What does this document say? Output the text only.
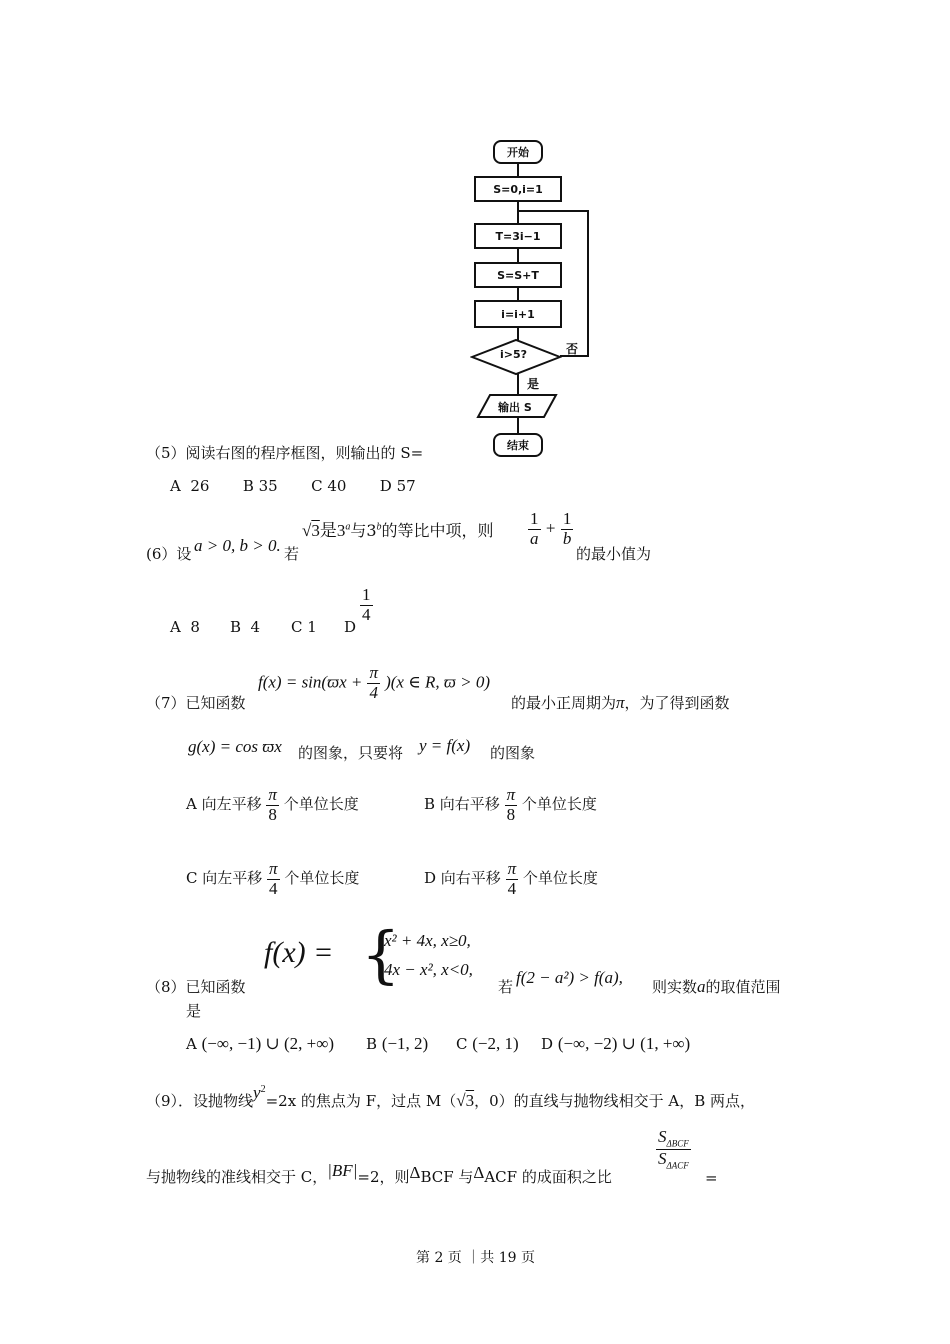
开始
S=0,i=1
T=3i−1
S=S+T
i=i+1
i>5?	否
是
输出 S
结束
（5）阅读右图的程序框图，则输出的 S=
A  26       B 35       C 40       D 57
(6）设 a > 0, b > 0. 若
√3是3$^a$与3$^b$的等比中项，则 $\frac{1}{a} + \frac{1}{b}$
的最小值为
A  8 B  4 C 1 D
$\frac{1}{4}$
（7）已知函数
$f(x) = \sin(ϖx + \frac{\pi}{4} )(x$ ∈ R, ϖ > 0)
的最小正周期为π，为了得到函数
g(x) = cos ϖx 的图象，只要将 y = f(x) 的图象
A 向左平移 $\frac{\pi}{8}$ 个单位长度	B 向右平移 $\frac{\pi}{8}$ 个单位长度
C 向左平移 $\frac{\pi}{4}$ 个单位长度	D 向右平移 $\frac{\pi}{4}$ 个单位长度
（8）已知函数
f(x) = {
x² + 4x, x≥0,
4x − x², x<0,
若 f(2 − a²) > f(a), 则实数a的取值范围
是
A (−∞, −1) ∪ (2, +∞) B (−1, 2) C (−2, 1) D (−∞, −2) ∪ (1, +∞)
（9）．设抛物线$y^2=2x$ 的焦点为 F，过点 M（√3，0）的直线与抛物线相交于 A，B 两点，
与抛物线的准线相交于 C，|BF|=2，则ΔBCF 与ΔACF 的成面积之比
$\frac{S_{\Delta BCF}}{S_{\Delta ACF}}$
=
第 2 页 ｜共 19 页
